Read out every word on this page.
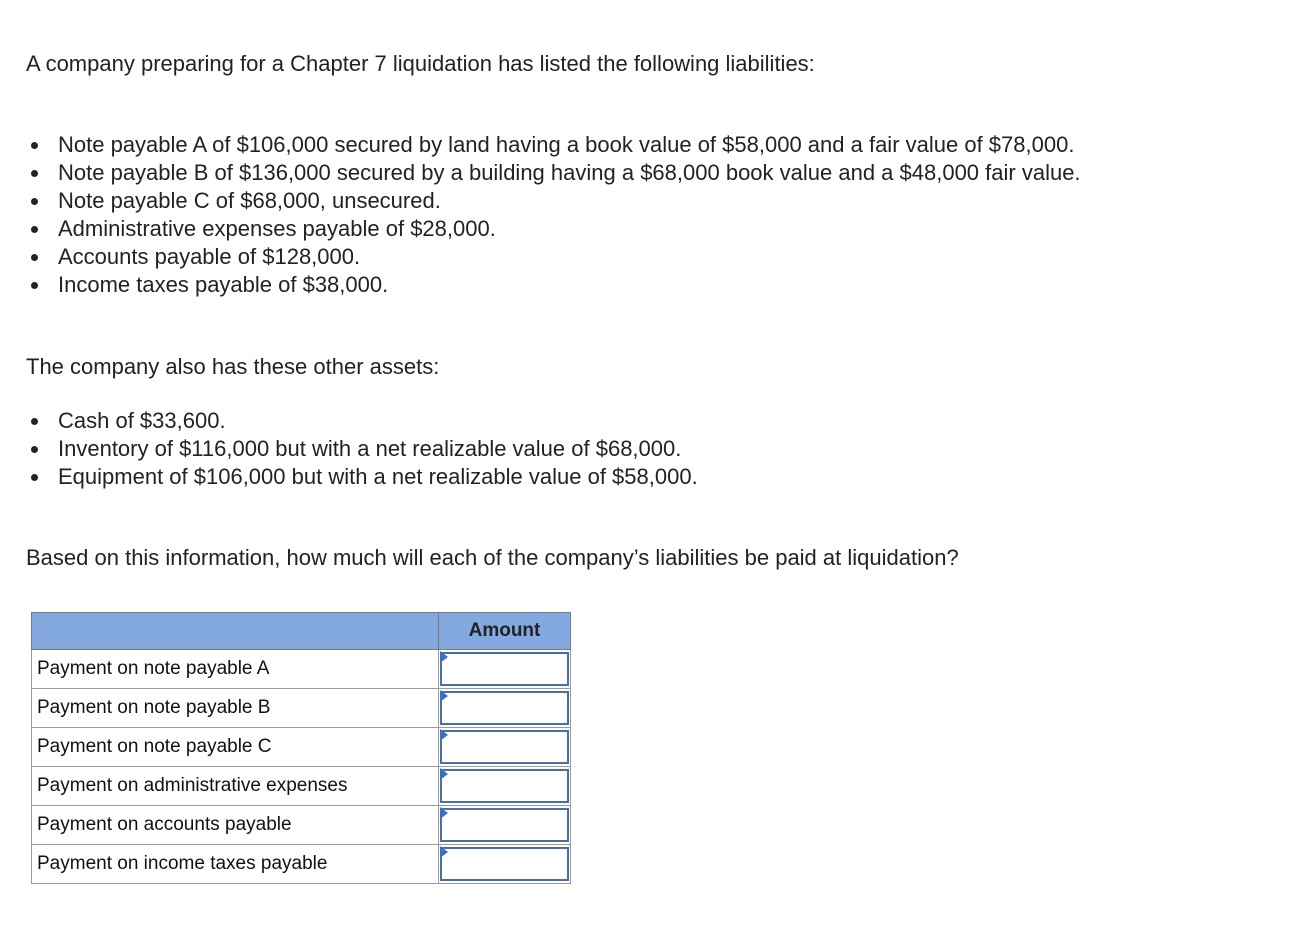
A company preparing for a Chapter 7 liquidation has listed the following liabilities:
Note payable A of $106,000 secured by land having a book value of $58,000 and a fair value of $78,000.
Note payable B of $136,000 secured by a building having a $68,000 book value and a $48,000 fair value.
Note payable C of $68,000, unsecured.
Administrative expenses payable of $28,000.
Accounts payable of $128,000.
Income taxes payable of $38,000.
The company also has these other assets:
Cash of $33,600.
Inventory of $116,000 but with a net realizable value of $68,000.
Equipment of $106,000 but with a net realizable value of $58,000.
Based on this information, how much will each of the company’s liabilities be paid at liquidation?
	Amount
Payment on note payable A	

Payment on note payable B	

Payment on note payable C	

Payment on administrative expenses	

Payment on accounts payable	

Payment on income taxes payable	
